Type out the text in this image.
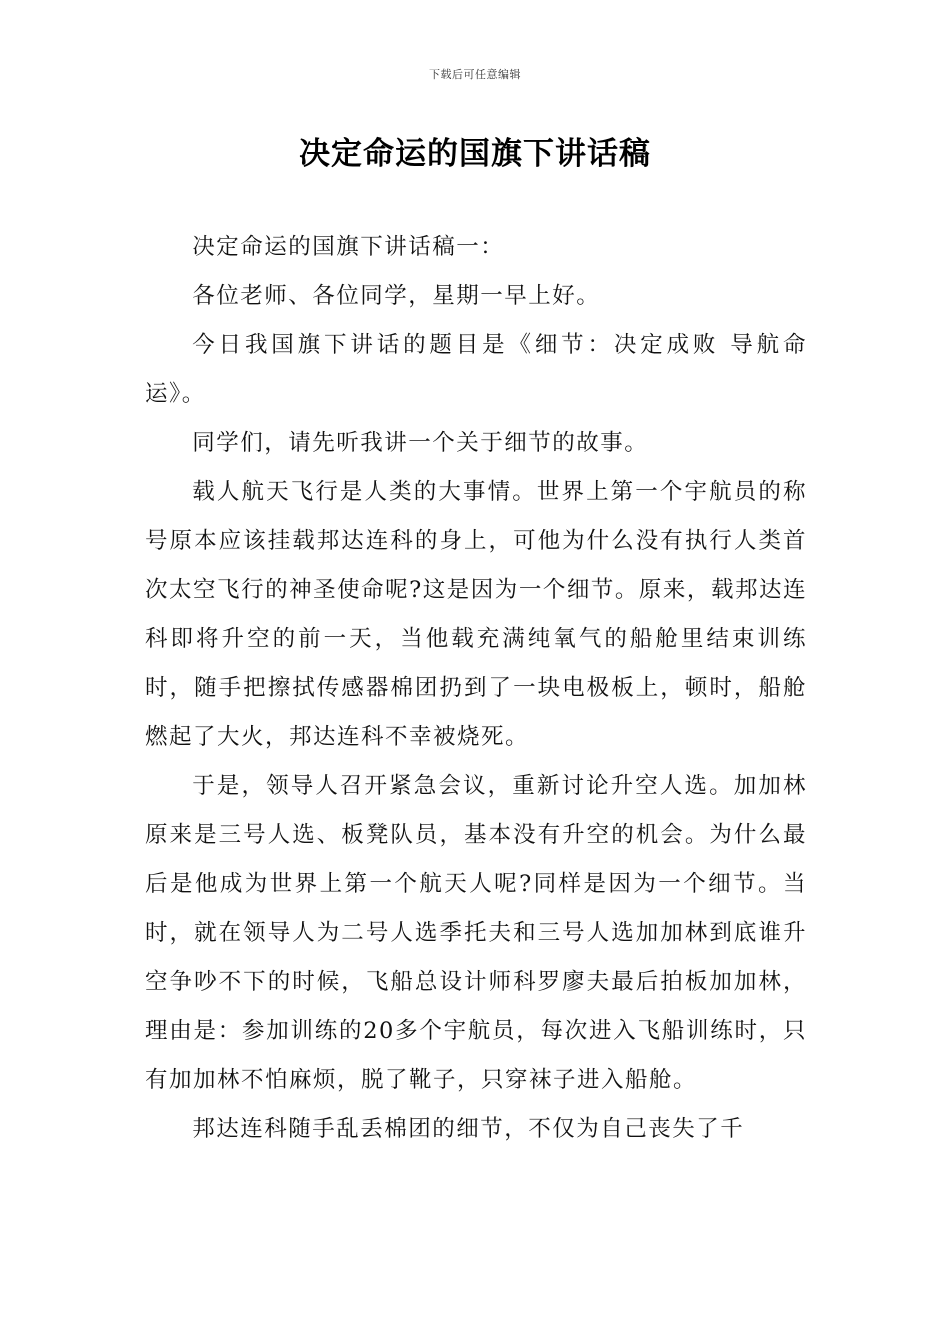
下载后可任意编辑
决定命运的国旗下讲话稿

决定命运的国旗下讲话稿一：

各位老师、各位同学，星期一早上好。

今日我国旗下讲话的题目是《细节：决定成败 导航命运》。

同学们，请先听我讲一个关于细节的故事。

载人航天飞行是人类的大事情。世界上第一个宇航员的称号原本应该挂载邦达连科的身上，可他为什么没有执行人类首次太空飞行的神圣使命呢?这是因为一个细节。原来，载邦达连科即将升空的前一天，当他载充满纯氧气的船舱里结束训练时，随手把擦拭传感器棉团扔到了一块电极板上，顿时，船舱燃起了大火，邦达连科不幸被烧死。

于是，领导人召开紧急会议，重新讨论升空人选。加加林原来是三号人选、板凳队员，基本没有升空的机会。为什么最后是他成为世界上第一个航天人呢?同样是因为一个细节。当时，就在领导人为二号人选季托夫和三号人选加加林到底谁升空争吵不下的时候，飞船总设计师科罗廖夫最后拍板加加林，理由是：参加训练的20多个宇航员，每次进入飞船训练时，只有加加林不怕麻烦，脱了靴子，只穿袜子进入船舱。

邦达连科随手乱丢棉团的细节，不仅为自己丧失了千
